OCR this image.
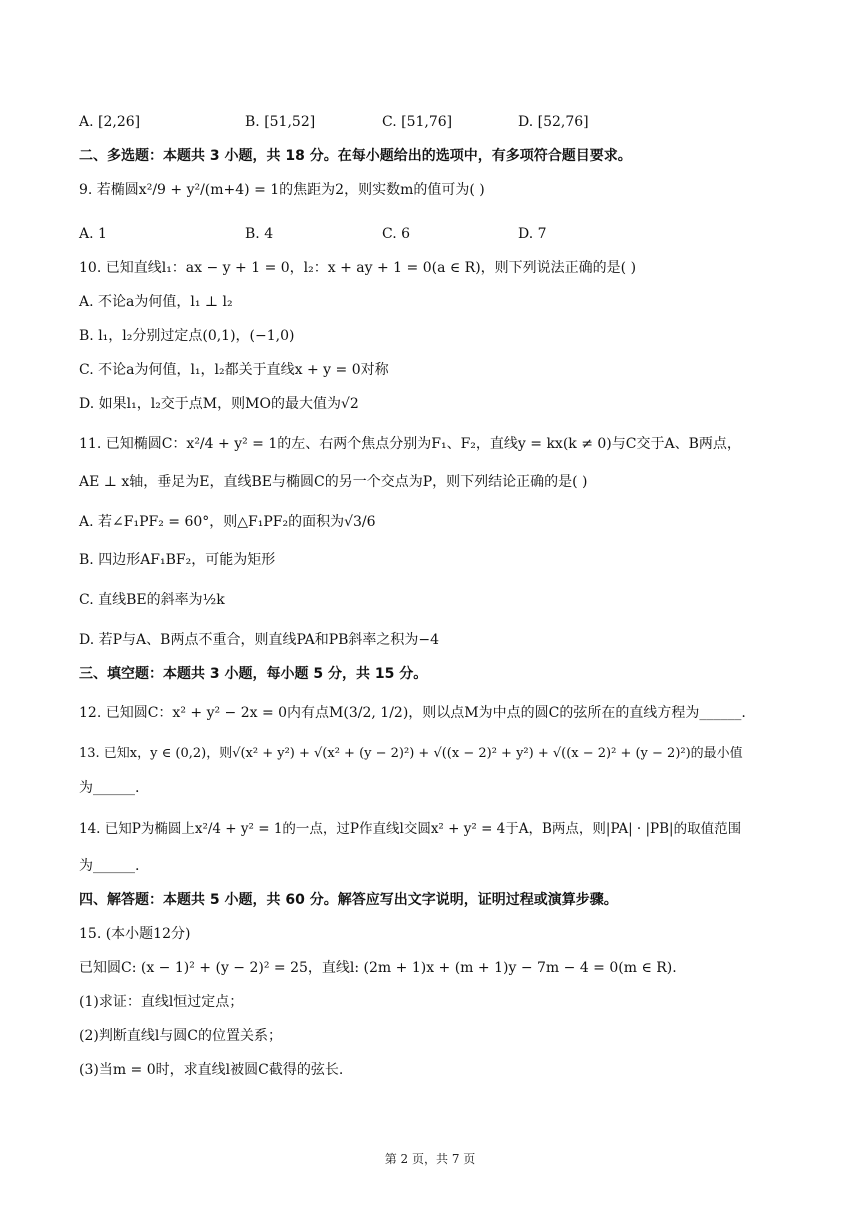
A. [2,26]	B. [51,52]	C. [51,76]	D. [52,76]
二、多选题：本题共 3 小题，共 18 分。在每小题给出的选项中，有多项符合题目要求。
9. 若椭圆x²/9 + y²/(m+4) = 1的焦距为2，则实数m的值可为( )
A. 1	B. 4	C. 6	D. 7
10. 已知直线l₁：ax − y + 1 = 0，l₂：x + ay + 1 = 0(a ∈ R)，则下列说法正确的是( )
A. 不论a为何值，l₁ ⊥ l₂
B. l₁，l₂分别过定点(0,1)，(−1,0)
C. 不论a为何值，l₁，l₂都关于直线x + y = 0对称
D. 如果l₁，l₂交于点M，则MO的最大值为√2
11. 已知椭圆C：x²/4 + y² = 1的左、右两个焦点分别为F₁、F₂，直线y = kx(k ≠ 0)与C交于A、B两点，
AE ⊥ x轴，垂足为E，直线BE与椭圆C的另一个交点为P，则下列结论正确的是( )
A. 若∠F₁PF₂ = 60°，则△F₁PF₂的面积为√3/6
B. 四边形AF₁BF₂，可能为矩形
C. 直线BE的斜率为½k
D. 若P与A、B两点不重合，则直线PA和PB斜率之积为−4
三、填空题：本题共 3 小题，每小题 5 分，共 15 分。
12. 已知圆C：x² + y² − 2x = 0内有点M(3/2, 1/2)，则以点M为中点的圆C的弦所在的直线方程为______.
13. 已知x，y ∈ (0,2)，则√(x² + y²) + √(x² + (y − 2)²) + √((x − 2)² + y²) + √((x − 2)² + (y − 2)²)的最小值
为______.
14. 已知P为椭圆上x²/4 + y² = 1的一点，过P作直线l交圆x² + y² = 4于A，B两点，则|PA| · |PB|的取值范围
为______.
四、解答题：本题共 5 小题，共 60 分。解答应写出文字说明，证明过程或演算步骤。
15. (本小题12分)
已知圆C: (x − 1)² + (y − 2)² = 25，直线l: (2m + 1)x + (m + 1)y − 7m − 4 = 0(m ∈ R).
(1)求证：直线l恒过定点；
(2)判断直线l与圆C的位置关系；
(3)当m = 0时，求直线l被圆C截得的弦长.
第 2 页，共 7 页
